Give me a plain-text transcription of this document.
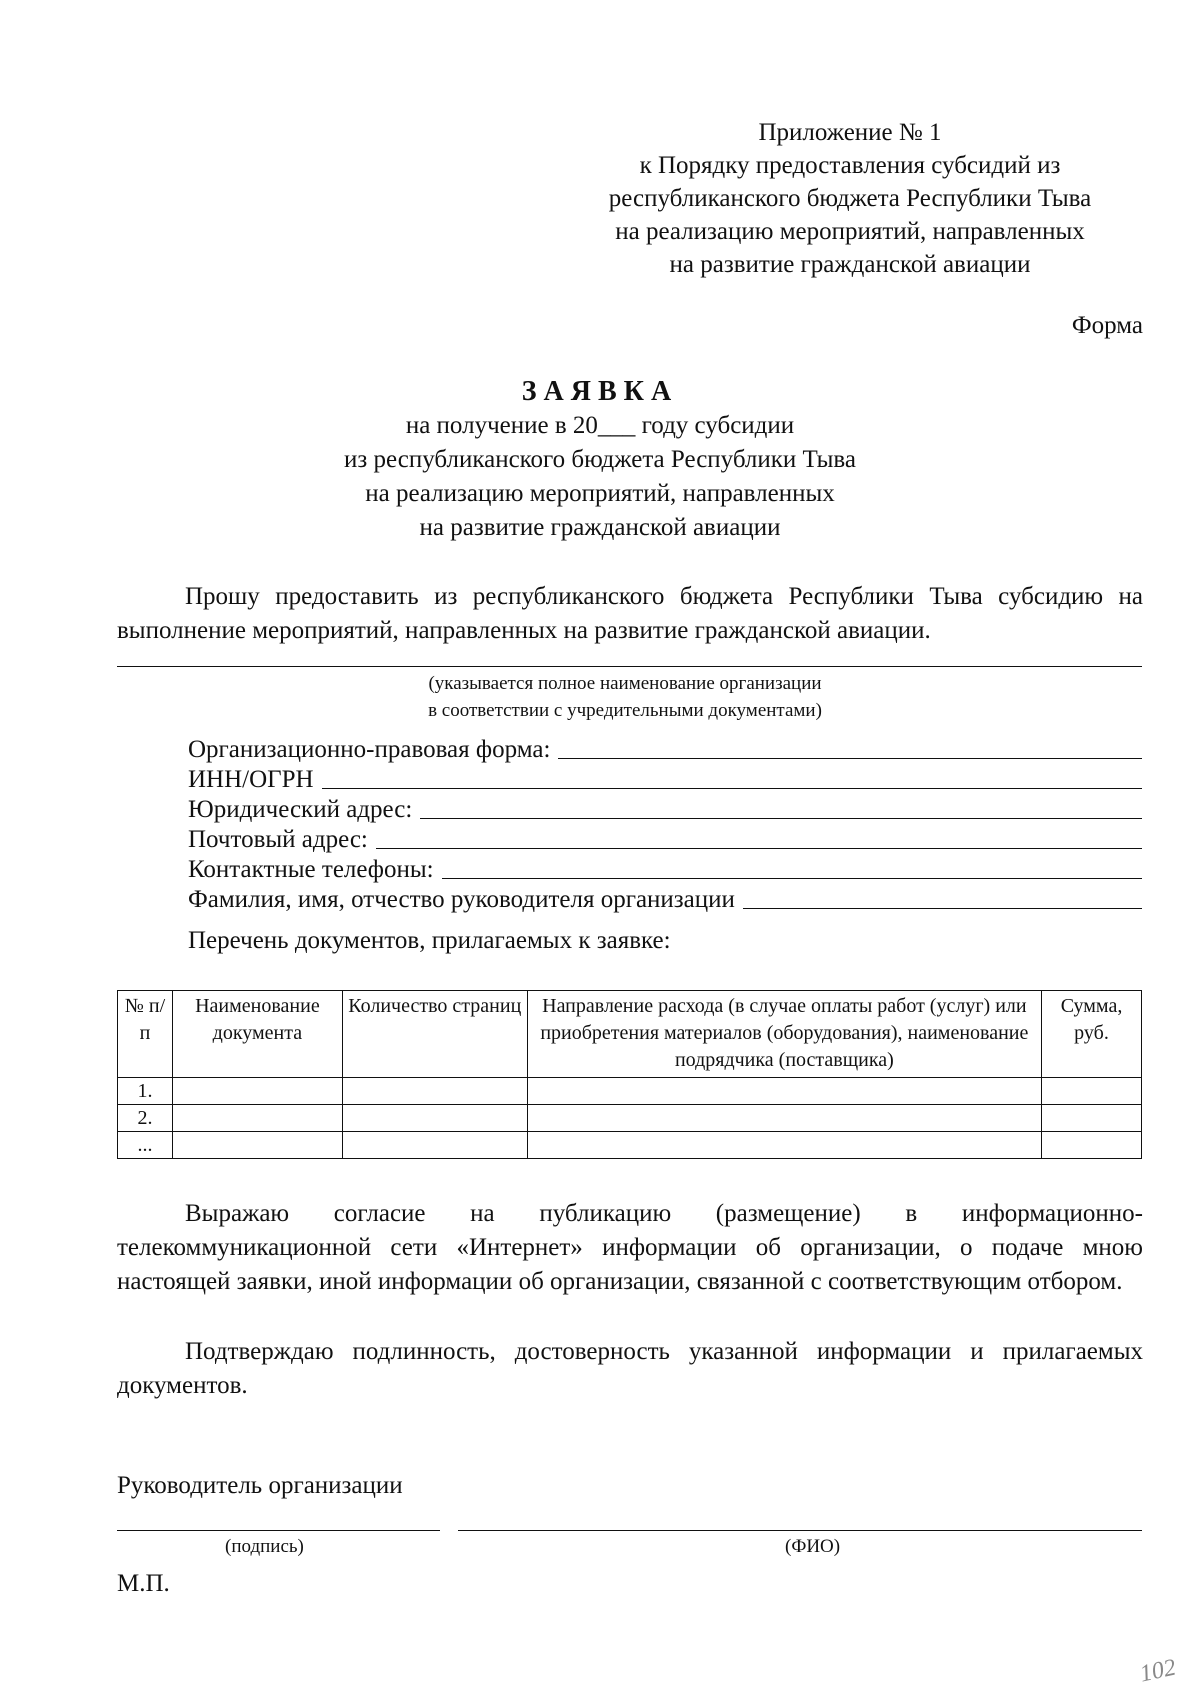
Приложение № 1
к Порядку предоставления субсидий из
республиканского бюджета Республики Тыва
на реализацию мероприятий, направленных
на развитие гражданской авиации
Форма
ЗАЯВКА
на получение в 20___ году субсидии
из республиканского бюджета Республики Тыва
на реализацию мероприятий, направленных
на развитие гражданской авиации
Прошу предоставить из республиканского бюджета Республики Тыва субсидию на выполнение мероприятий, направленных на развитие гражданской авиации.
(указывается полное наименование организации
в соответствии с учредительными документами)
Организационно-правовая форма:
ИНН/ОГРН
Юридический адрес:
Почтовый адрес:
Контактные телефоны:
Фамилия, имя, отчество руководителя организации
Перечень документов, прилагаемых к заявке:
№ п/п	Наименование документа	Количество страниц	Направление расхода (в случае оплаты работ (услуг) или приобретения материалов (оборудования), наименование подрядчика (поставщика)	Сумма, руб.
1.				
2.				
...				
Выражаю согласие на публикацию (размещение) в информационно-телекоммуникационной сети «Интернет» информации об организации, о подаче мною настоящей заявки, иной информации об организации, связанной с соответствующим отбором.
Подтверждаю подлинность, достоверность указанной информации и прилагаемых документов.
Руководитель организации
(подпись)	(ФИО)
М.П.
102
